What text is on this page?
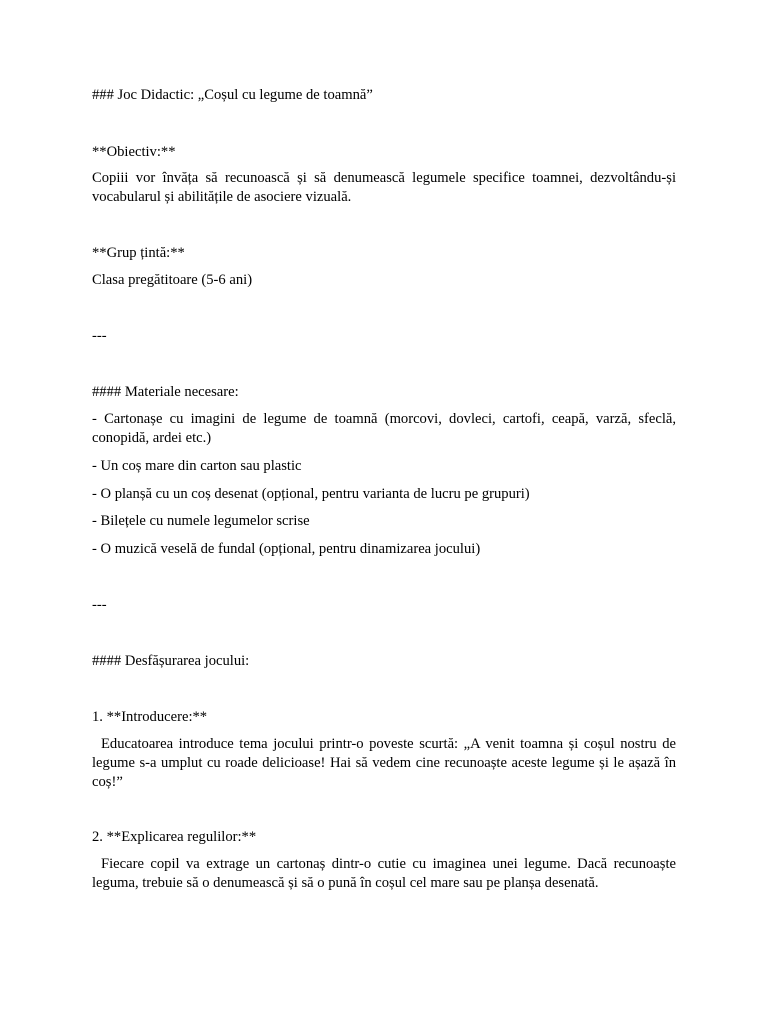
### Joc Didactic: „Coșul cu legume de toamnă”

**Obiectiv:**

Copiii vor învăța să recunoască și să denumească legumele specifice toamnei, dezvoltându-și vocabularul și abilitățile de asociere vizuală.

**Grup țintă:**

Clasa pregătitoare (5-6 ani)

---

#### Materiale necesare:

- Cartonașe cu imagini de legume de toamnă (morcovi, dovleci, cartofi, ceapă, varză, sfeclă, conopidă, ardei etc.)

- Un coș mare din carton sau plastic

- O planșă cu un coș desenat (opțional, pentru varianta de lucru pe grupuri)

- Bilețele cu numele legumelor scrise

- O muzică veselă de fundal (opțional, pentru dinamizarea jocului)

---

#### Desfășurarea jocului:

1. **Introducere:**

Educatoarea introduce tema jocului printr-o poveste scurtă: „A venit toamna și coșul nostru de legume s-a umplut cu roade delicioase! Hai să vedem cine recunoaște aceste legume și le așază în coș!”

2. **Explicarea regulilor:**

Fiecare copil va extrage un cartonaș dintr-o cutie cu imaginea unei legume. Dacă recunoaște leguma, trebuie să o denumească și să o pună în coșul cel mare sau pe planșa desenată.
